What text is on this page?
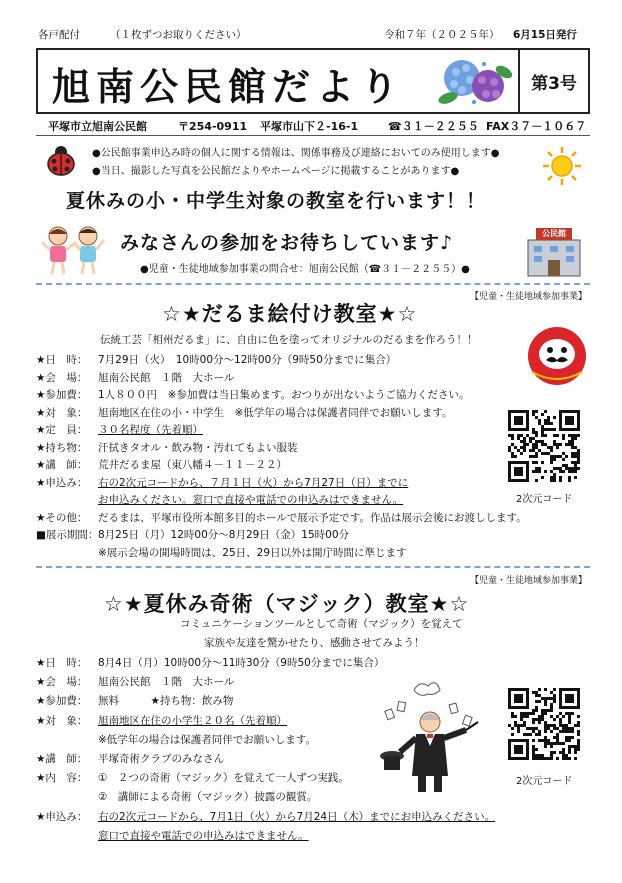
各戸配付	（１枚ずつお取りください）	令和７年（２０２５年） 6月15日発行
旭南公民館だより	第3号
平塚市立旭南公民館	〒254-0911 平塚市山下２-16-1	☎３１－２２５５ FAX３７－１０６７
●公民館事業申込み時の個人に関する情報は、関係事務及び連絡においてのみ使用します●
●当日、撮影した写真を公民館だよりやホームページに掲載することがあります●
夏休みの小・中学生対象の教室を行います！！
みなさんの参加をお待ちしています♪
●児童・生徒地域参加事業の問合せ：旭南公民館（☎３１－２２５５）●
公民館
【児童・生徒地域参加事業】
☆★だるま絵付け教室★☆
伝統工芸「相州だるま」に、自由に色を塗ってオリジナルのだるまを作ろう！！
★日　時： 7月29日（火）　10時00分～12時00分（9時50分までに集合）
★会　場： 旭南公民館　１階　大ホール
★参加費： 1人８００円　※参加費は当日集めます。おつりが出ないようご協力ください。
★対　象： 旭南地区在住の小・中学生　※低学年の場合は保護者同伴でお願いします。
★定　員： ３０名程度（先着順）
★持ち物： 汗拭きタオル・飲み物・汚れてもよい服装
★講　師： 荒井だるま屋（東八幡４－１１－２２）
★申込み： 右の2次元コードから、７月１日（火）から7月27日（日）までに
お申込みください。窓口で直接や電話での申込みはできません。
★その他： だるまは、平塚市役所本館多目的ホールで展示予定です。作品は展示会後にお渡しします。
■展示期間：8月25日（月）12時00分～8月29日（金）15時00分
※展示会場の開場時間は、25日、29日以外は開庁時間に準じます
2次元コード
【児童・生徒地域参加事業】
☆★夏休み奇術（マジック）教室★☆
コミュニケーションツールとして奇術（マジック）を覚えて
家族や友達を驚かせたり、感動させてみよう！
★日　時： 8月4日（月）10時00分～11時30分（9時50分までに集合）
★会　場： 旭南公民館　１階　大ホール
★参加費： 無料　　　★持ち物：飲み物
★対　象： 旭南地区在住の小学生２０名（先着順）
※低学年の場合は保護者同伴でお願いします。
★講　師： 平塚奇術クラブのみなさん
★内　容： ①　２つの奇術（マジック）を覚えて一人ずつ実践。
②　講師による奇術（マジック）披露の観賞。
★申込み： 右の2次元コードから、7月1日（火）から7月24日（木）までにお申込みください。
窓口で直接や電話での申込みはできません。
2次元コード
